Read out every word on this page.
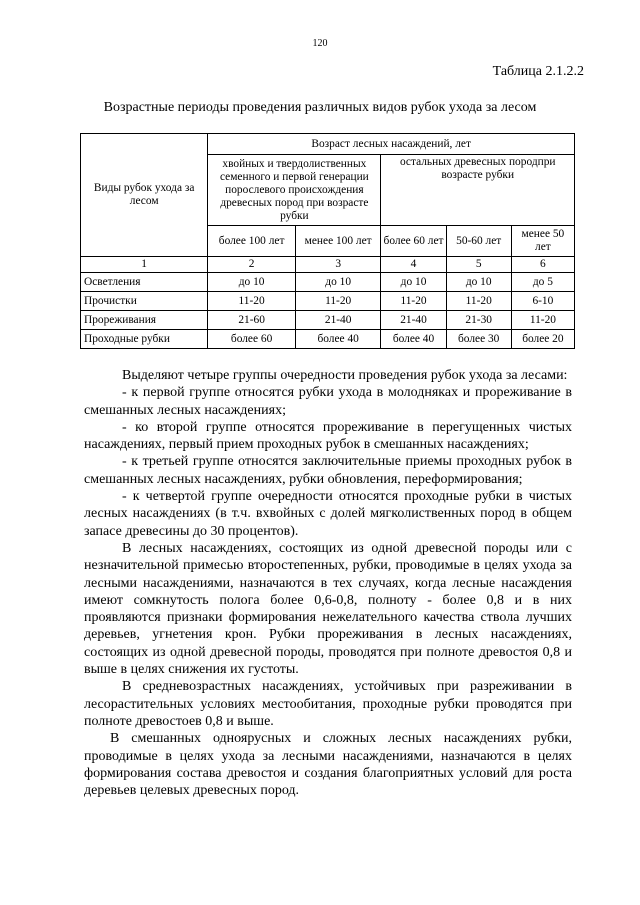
120
Таблица 2.1.2.2
Возрастные периоды проведения различных видов рубок ухода за лесом
Виды рубок ухода за лесом	Возраст лесных насаждений, лет				
	хвойных и твердолиственных семенного и первой генерации порослевого происхождения древесных пород при возрасте рубки		остальных древесных породпри возрасте рубки		
	более 100 лет	менее 100 лет	более 60 лет	50-60 лет	менее 50 лет
1	2	3	4	5	6
Осветления	до 10	до 10	до 10	до 10	до 5
Прочистки	11-20	11-20	11-20	11-20	6-10
Прореживания	21-60	21-40	21-40	21-30	11-20
Проходные рубки	более 60	более 40	более 40	более 30	более 20

Выделяют четыре группы очередности проведения рубок ухода за лесами:

- к первой группе относятся рубки ухода в молодняках и прореживание в смешанных лесных насаждениях;

- ко второй группе относятся прореживание в перегущенных чистых насаждениях, первый прием проходных рубок в смешанных насаждениях;

- к третьей группе относятся заключительные приемы проходных рубок в смешанных лесных насаждениях, рубки обновления, переформирования;

- к четвертой группе очередности относятся проходные рубки в чистых лесных насаждениях (в т.ч. вхвойных с долей мягколиственных пород в общем запасе древесины до 30 процентов).

В лесных насаждениях, состоящих из одной древесной породы или с незначительной примесью второстепенных, рубки, проводимые в целях ухода за лесными насаждениями, назначаются в тех случаях, когда лесные насаждения имеют сомкнутость полога более 0,6-0,8, полноту - более 0,8 и в них проявляются признаки формирования нежелательного качества ствола лучших деревьев, угнетения крон. Рубки прореживания в лесных насаждениях, состоящих из одной древесной породы, проводятся при полноте древостоя 0,8 и выше в целях снижения их густоты.

В средневозрастных насаждениях, устойчивых при разреживании в лесорастительных условиях местообитания, проходные рубки проводятся при полноте древостоев 0,8 и выше.

В смешанных одноярусных и сложных лесных насаждениях рубки, проводимые в целях ухода за лесными насаждениями, назначаются в целях формирования состава древостоя и создания благоприятных условий для роста деревьев целевых древесных пород.
